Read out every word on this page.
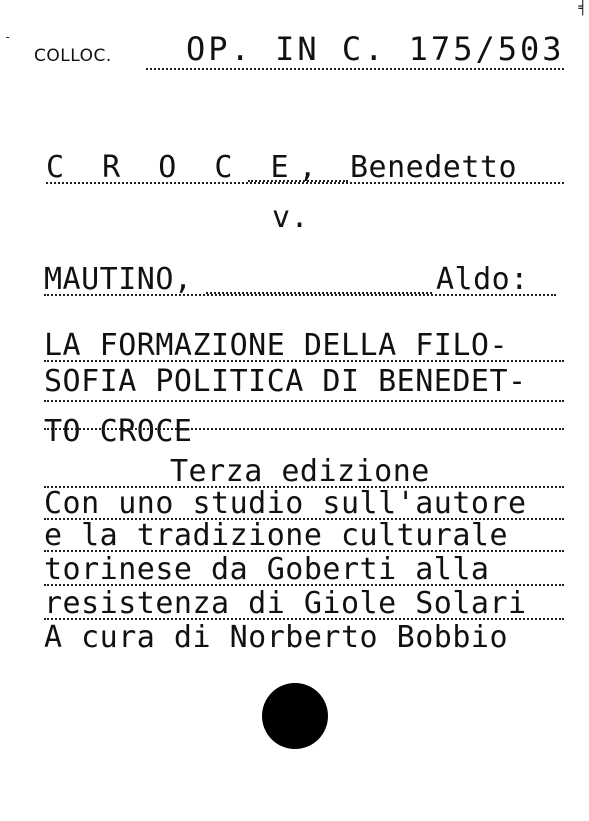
-
╡
COLLOC. OP. IN C. 175/503
C R O C E, Benedetto
v.
MAUTINO,	Aldo:
LA FORMAZIONE DELLA FILO-
SOFIA POLITICA DI BENEDET-
TO CROCE
Terza edizione
Con uno studio sull'autore
e la tradizione culturale
torinese da Goberti alla
resistenza di Giole Solari
A cura di Norberto Bobbio
